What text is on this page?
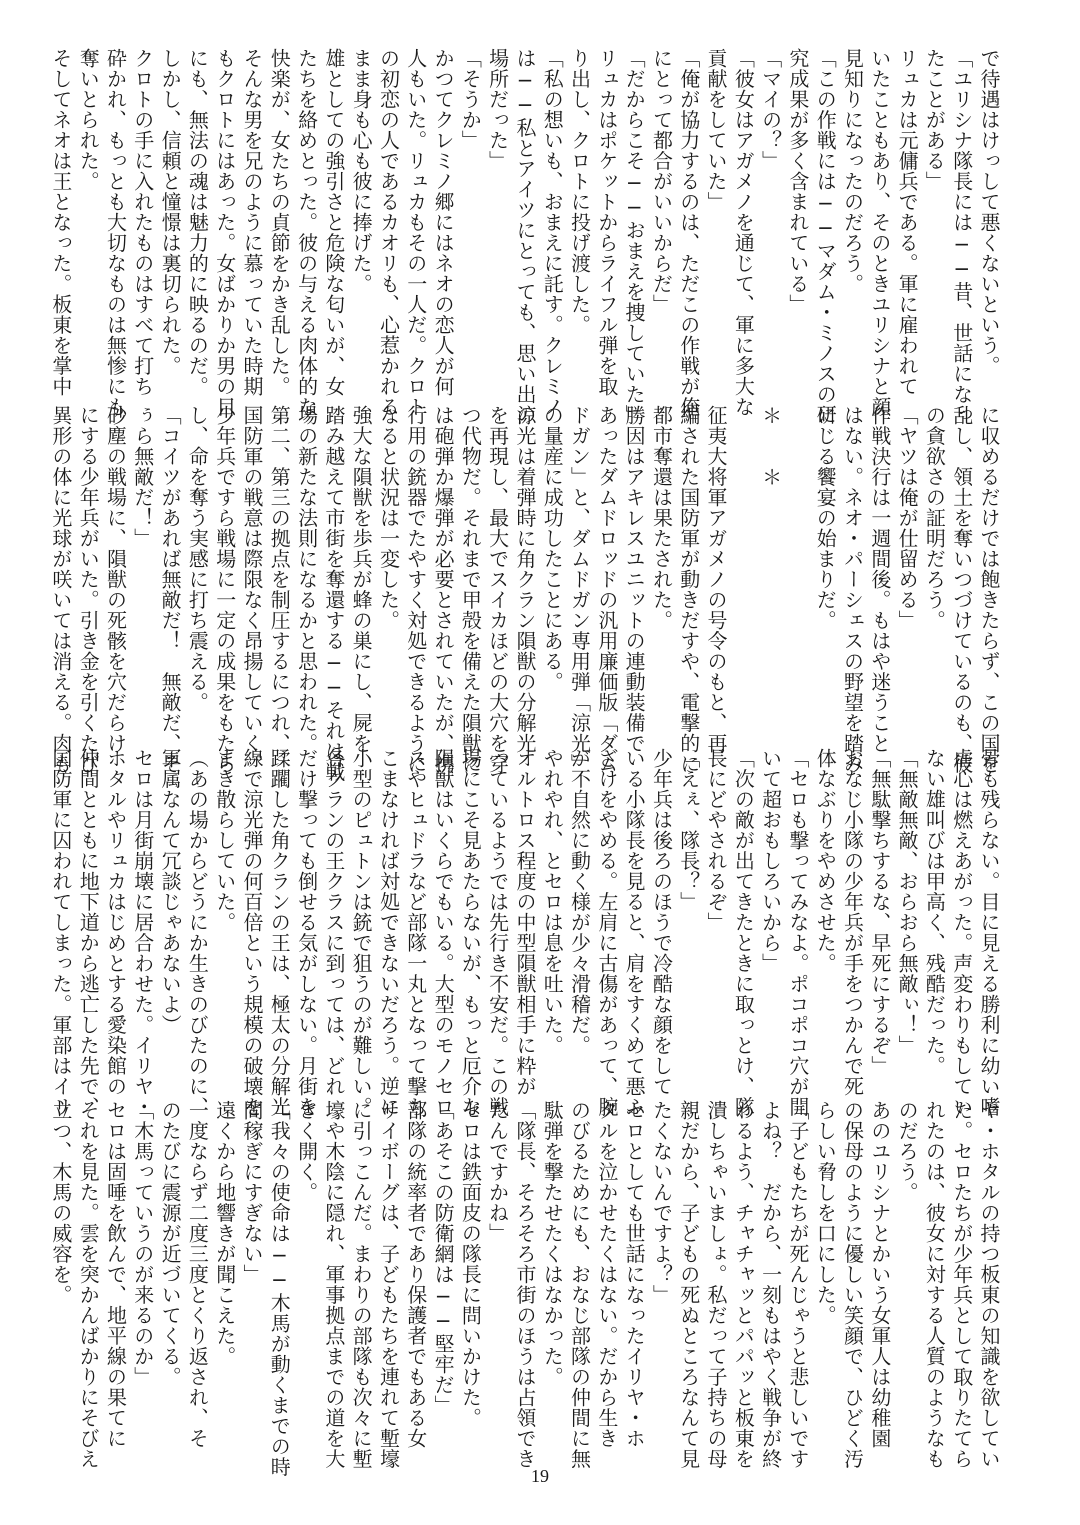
で待遇はけっして悪くないという。
「ユリシナ隊長には──昔、世話になっ
たことがある」
リュカは元傭兵である。軍に雇われて
いたこともあり、そのときユリシナと顔
見知りになったのだろう。
「この作戦には──マダム・ミノスの研
究成果が多く含まれている」
「マイの？」
「彼女はアガメノを通じて、軍に多大な
貢献をしていた」
「俺が協力するのは、ただこの作戦が俺
にとって都合がいいからだ」
「だからこそ──おまえを捜していた」
リュカはポケットからライフル弾を取
り出し、クロトに投げ渡した。
「私の想いも、おまえに託す。クレミノ
は──私とアイツにとっても、思い出の
場所だった」
「そうか」
かつてクレミノ郷にはネオの恋人が何
人もいた。リュカもその一人だ。クロト
の初恋の人であるカオリも、心惹かれる
まま身も心も彼に捧げた。
雄としての強引さと危険な匂いが、女
たちを絡めとった。彼の与える肉体的な
快楽が、女たちの貞節をかき乱した。
そんな男を兄のように慕っていた時期
もクロトにはあった。女ばかりか男の目
にも、無法の魂は魅力的に映るのだ。
しかし、信頼と憧憬は裏切られた。
クロトの手に入れたものはすべて打ち
砕かれ、もっとも大切なものは無惨にも
奪いとられた。
そしてネオは王となった。板東を掌中
に収めるだけでは飽きたらず、この国を
乱し、領土を奪いつづけているのも、彼
の貪欲さの証明だろう。
「ヤツは俺が仕留める」
作戦決行は一週間後。もはや迷うこと
はない。ネオ・パーシェスの野望を踏み
にじる饗宴の始まりだ。

＊　　＊

征夷大将軍アガメノの号令のもと、再
編された国防軍が動きだすや、電撃的に
都市奪還は果たされた。
勝因はアキレスユニットの連動装備で
あったダムドロッドの汎用廉価版「ダム
ドガン」と、ダムドガン専用弾「涼光」
の量産に成功したことにある。
涼光は着弾時に角クラン隕獣の分解光
を再現し、最大でスイカほどの大穴を穿
つ代物だ。それまで甲殻を備えた隕獣に
は砲弾か爆弾が必要とされていたが、携
行用の銃器でたやすく対処できるように
なると状況は一変した。
強大な隕獣を歩兵が蜂の巣にし、屍を
踏み越えて市街を奪還する──それは戦
場の新たな法則になるかと思われた。
第二、第三の拠点を制圧するにつれ、
国防軍の戦意は際限なく昂揚していく。
少年兵ですら戦場に一定の成果をもたら
し、命を奪う実感に打ち震える。
「コイツがあれば無敵だ！　無敵だ、そ
ぅら無敵だ！」
砂塵の戦場に、隕獣の死骸を穴だらけ
にする少年兵がいた。引き金を引くたび
異形の体に光球が咲いては消える。肉も
骨も残らない。目に見える勝利に幼い嗜
虐心は燃えあがった。声変わりもしてい
ない雄叫びは甲高く、残酷だった。
「無敵無敵、おらおら無敵ぃ！」
「無駄撃ちするな、早死にするぞ」
おなじ小隊の少年兵が手をつかんで死
体なぶりをやめさせた。
「セロも撃ってみなよ。ポコポコ穴が開
いて超おもしろいから」
「次の敵が出てきたときに取っとけ、隊
長にどやされるぞ」
「えぇ、隊長？」
少年兵は後ろのほうで冷酷な顔をして
いる小隊長を見ると、肩をすくめて悪ふ
ざけをやめる。左肩に古傷があって、腕
が不自然に動く様が少々滑稽だ。
やれやれ、とセロは息を吐いた。
オルトロス程度の中型隕獣相手に粋が
っているようでは先行き不安だ。この戦
場にこそ見あたらないが、もっと厄介な
隕獣はいくらでもいる。大型のモノセロ
スやヒュドラなど部隊一丸となって撃ち
こまなければ対処できないだろう。逆に
小型のピュトンは銃で狙うのが難しい。
各クランの王クラスに到っては、どれ
だけ撃っても倒せる気がしない。月街を
蹂躙した角クランの王は、極太の分解光
線で涼光弾の何百倍という規模の破壊を
まき散らしていた。
（あの場からどうにか生きのびたのに、
軍属なんて冗談じゃあないよ）
セロは月街崩壊に居合わせた。イリヤ・
ホタルやリュカはじめとする愛染館の
仲間とともに地下道から逃亡した先で、
国防軍に囚われてしまった。軍部はイリ
ヤ・ホタルの持つ板東の知識を欲してい
た。セロたちが少年兵として取りたてら
れたのは、彼女に対する人質のようなも
のだろう。
あのユリシナとかいう女軍人は幼稚園
の保母のように優しい笑顔で、ひどく汚
らしい脅しを口にした。
「子どもたちが死んじゃうと悲しいです
よね？　だから、一刻もはやく戦争が終
わるよう、チャチャッとパパッと板東を
潰しちゃいましょ。私だって子持ちの母
親だから、子どもの死ぬところなんて見
たくないんですよ？」
セロとしても世話になったイリヤ・ホ
タルを泣かせたくはない。だから生き
のびるためにも、おなじ部隊の仲間に無
駄弾を撃たせたくはなかった。
「隊長、そろそろ市街のほうは占領でき
たんですかね」
セロは鉄面皮の隊長に問いかけた。
「あそこの防衛網は──堅牢だ」
部隊の統率者であり保護者でもある女
サイボーグは、子どもたちを連れて塹壕
に引っこんだ。まわりの部隊も次々に塹
壕や木陰に隠れ、軍事拠点までの道を大
きく開く。
「我々の使命は──木馬が動くまでの時
間稼ぎにすぎない」
遠くから地響きが聞こえた。
一度ならず二度三度とくり返され、そ
のたびに震源が近づいてくる。
「木馬っていうのが来るのか」
セロは固唾を飲んで、地平線の果てに
それを見た。雲を突かんばかりにそびえ
立つ、木馬の威容を。
19
